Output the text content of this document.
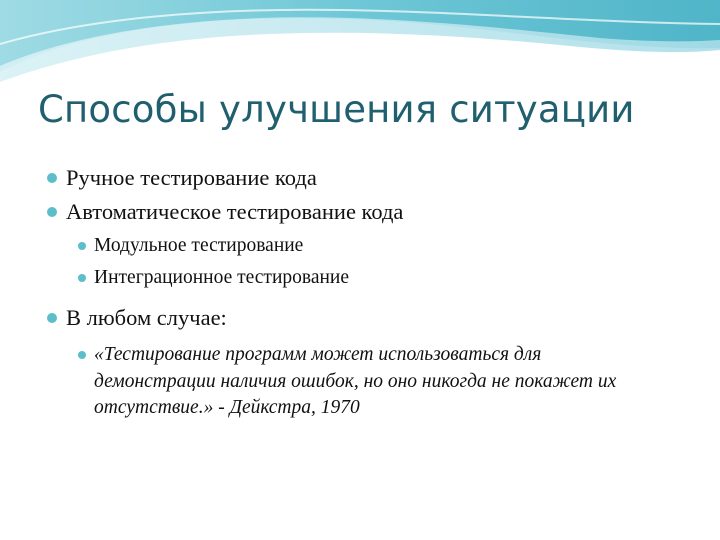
Способы улучшения ситуации
Ручное тестирование кода
Автоматическое тестирование кода
Модульное тестирование
Интеграционное тестирование
В любом случае:
«Тестирование программ может использоваться для демонстрации наличия ошибок, но оно никогда не покажет их отсутствие.» - Дейкстра, 1970
